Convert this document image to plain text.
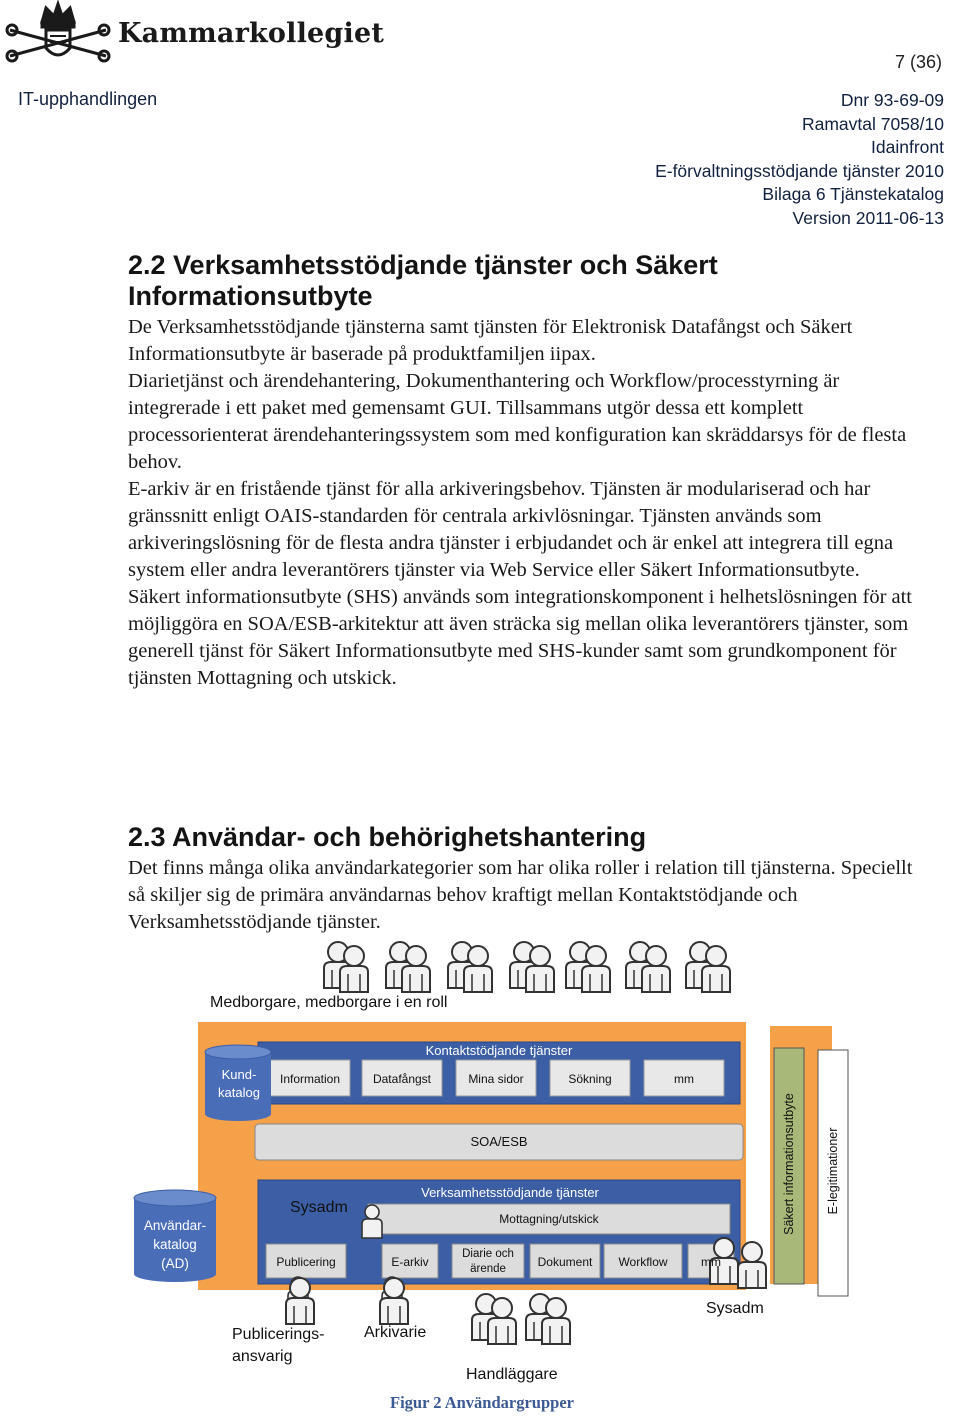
Kammarkollegiet
7 (36)
IT-upphandlingen	Dnr 93-69-09
Ramavtal 7058/10
Idainfront
E-förvaltningsstödjande tjänster 2010
Bilaga 6 Tjänstekatalog
Version 2011-06-13
2.2 Verksamhetsstödjande tjänster och Säkert
Informationsutbyte

De Verksamhetsstödjande tjänsterna samt tjänsten för Elektronisk Datafångst och Säkert Informationsutbyte är baserade på produktfamiljen iipax.

Diarietjänst och ärendehantering, Dokumenthantering och Workflow/processtyrning är integrerade i ett paket med gemensamt GUI. Tillsammans utgör dessa ett komplett processorienterat ärendehanteringssystem som med konfiguration kan skräddarsys för de flesta behov.

E-arkiv är en fristående tjänst för alla arkiveringsbehov. Tjänsten är modulariserad och har gränssnitt enligt OAIS-standarden för centrala arkivlösningar. Tjänsten används som arkiveringslösning för de flesta andra tjänster i erbjudandet och är enkel att integrera till egna system eller andra leverantörers tjänster via Web Service eller Säkert Informationsutbyte.

Säkert informationsutbyte (SHS) används som integrationskomponent i helhetslösningen för att möjliggöra en SOA/ESB-arkitektur att även sträcka sig mellan olika leverantörers tjänster, som generell tjänst för Säkert Informationsutbyte med SHS-kunder samt som grundkomponent för tjänsten Mottagning och utskick.

2.3 Användar- och behörighetshantering

Det finns många olika användarkategorier som har olika roller i relation till tjänsterna. Speciellt så skiljer sig de primära användarnas behov kraftigt mellan Kontaktstödjande och Verksamhetsstödjande tjänster.

Medborgare, medborgare i en roll
Kund-
katalog
Kontaktstödjande tjänster
Information	Datafångst	Mina sidor	Sökning	mm
SOA/ESB
Verksamhetsstödjande tjänster
Sysadm
Mottagning/utskick
Publicering	E-arkiv
Diarie och
ärende	Dokument	Workflow	mm
Användar-
katalog
(AD)
Säkert informationsutbyte E-legitimationer
Publicerings-
ansvarig
Arkivarie
Handläggare
Sysadm
Figur 2 Användargrupper
